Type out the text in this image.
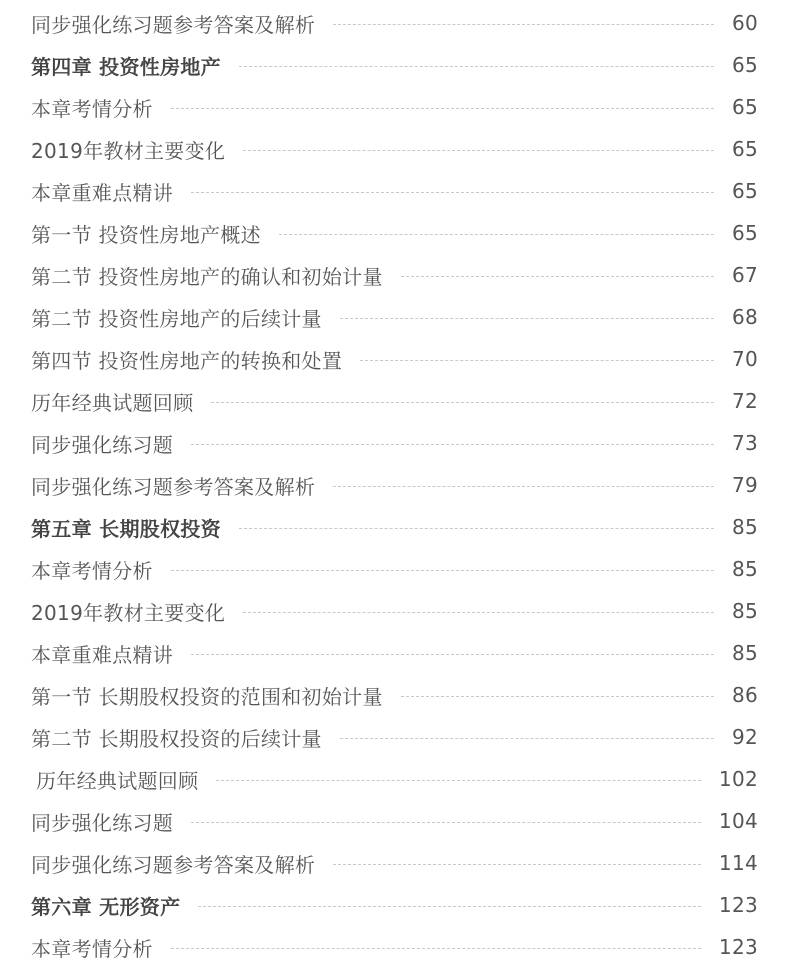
同步强化练习题参考答案及解析	60
第四章 投资性房地产	65
本章考情分析	65
2019年教材主要变化	65
本章重难点精讲	65
第一节 投资性房地产概述	65
第二节 投资性房地产的确认和初始计量	67
第二节 投资性房地产的后续计量	68
第四节 投资性房地产的转换和处置	70
历年经典试题回顾	72
同步强化练习题	73
同步强化练习题参考答案及解析	79
第五章 长期股权投资	85
本章考情分析	85
2019年教材主要变化	85
本章重难点精讲	85
第一节 长期股权投资的范围和初始计量	86
第二节 长期股权投资的后续计量	92
历年经典试题回顾	102
同步强化练习题	104
同步强化练习题参考答案及解析	114
第六章 无形资产	123
本章考情分析	123
